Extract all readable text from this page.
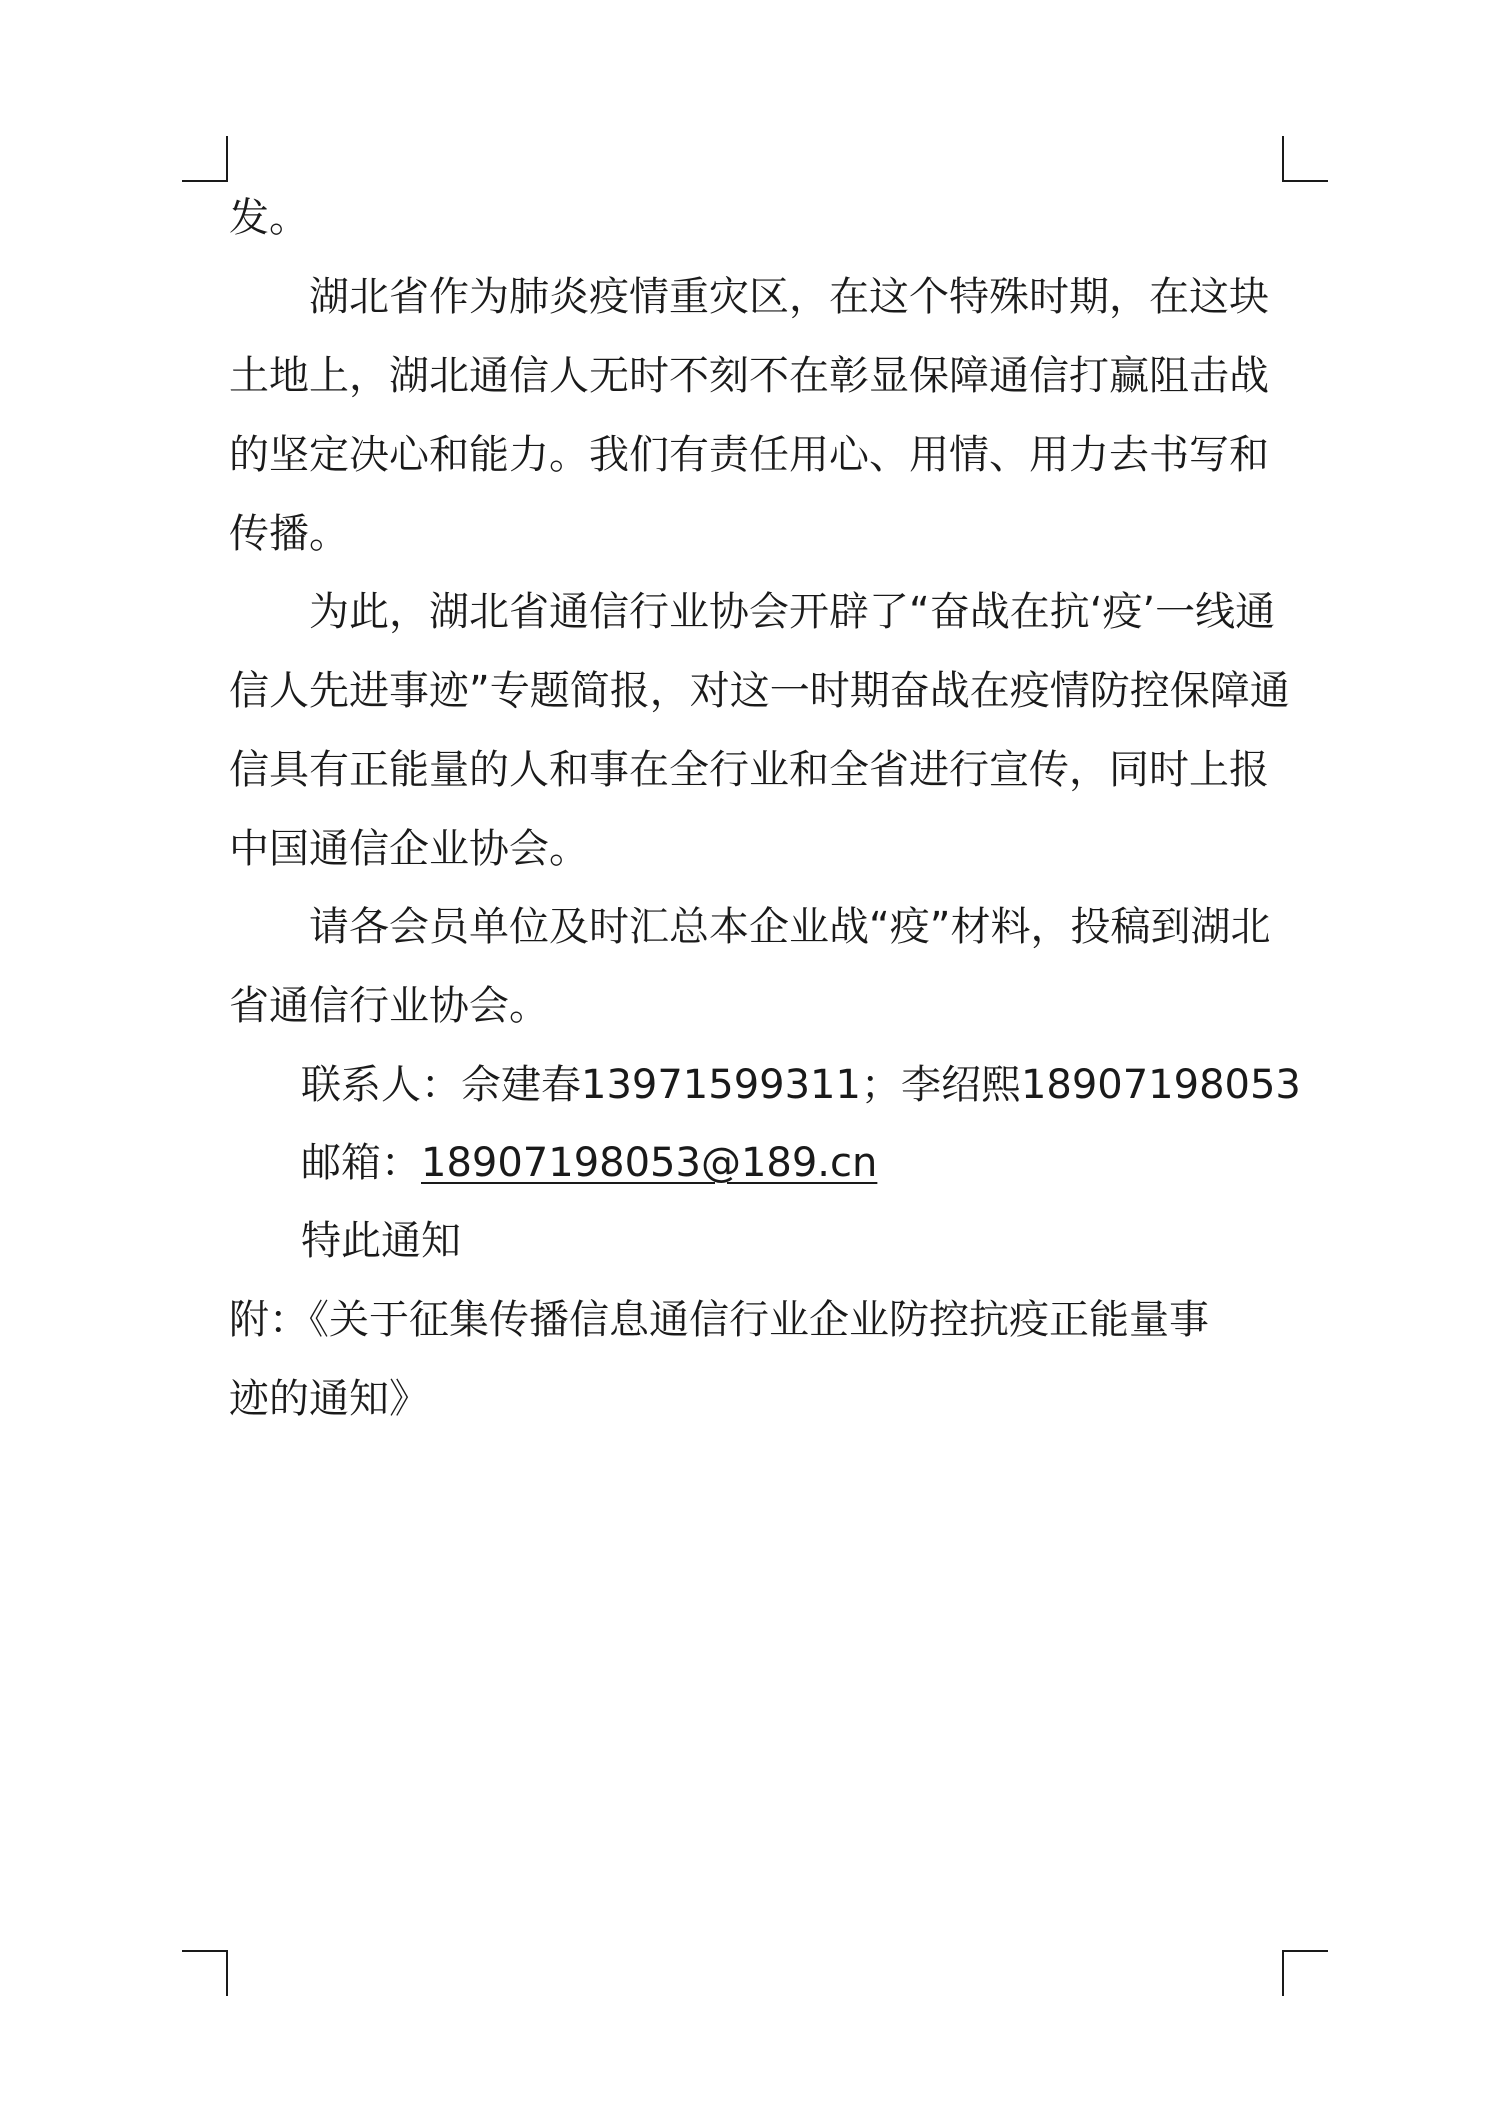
发。
湖北省作为肺炎疫情重灾区，在这个特殊时期，在这块
土地上，湖北通信人无时不刻不在彰显保障通信打赢阻击战
的坚定决心和能力。我们有责任用心、用情、用力去书写和
传播。
为此，湖北省通信行业协会开辟了“奋战在抗‘疫’一线通
信人先进事迹”专题简报，对这一时期奋战在疫情防控保障通
信具有正能量的人和事在全行业和全省进行宣传，同时上报
中国通信企业协会。
请各会员单位及时汇总本企业战“疫”材料，投稿到湖北
省通信行业协会。
联系人：佘建春13971599311；李绍熙18907198053
邮箱：18907198053@189.cn
特此通知
附：《关于征集传播信息通信行业企业防控抗疫正能量事
迹的通知》
